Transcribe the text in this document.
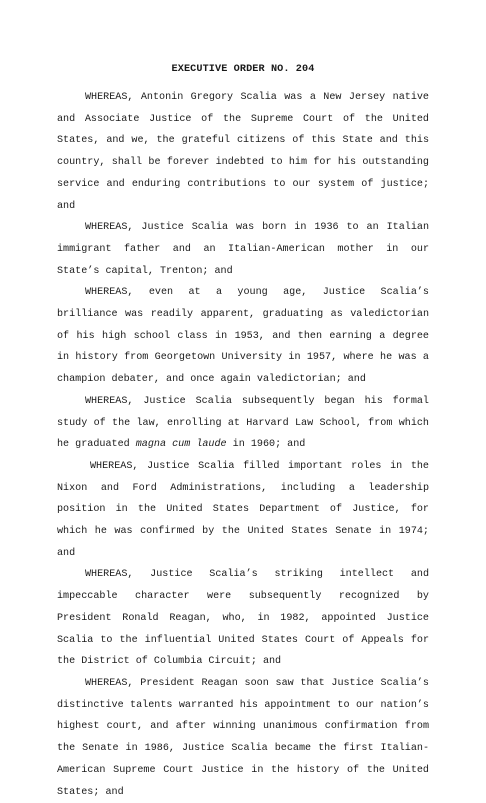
EXECUTIVE ORDER NO. 204

WHEREAS, Antonin Gregory Scalia was a New Jersey native and Associate Justice of the Supreme Court of the United States, and we, the grateful citizens of this State and this country, shall be forever indebted to him for his outstanding service and enduring contributions to our system of justice; and

WHEREAS, Justice Scalia was born in 1936 to an Italian immigrant father and an Italian-American mother in our State’s capital, Trenton; and

WHEREAS, even at a young age, Justice Scalia’s brilliance was readily apparent, graduating as valedictorian of his high school class in 1953, and then earning a degree in history from Georgetown University in 1957, where he was a champion debater, and once again valedictorian; and

WHEREAS, Justice Scalia subsequently began his formal study of the law, enrolling at Harvard Law School, from which he graduated magna cum laude in 1960; and

WHEREAS, Justice Scalia filled important roles in the Nixon and Ford Administrations, including a leadership position in the United States Department of Justice, for which he was confirmed by the United States Senate in 1974; and

WHEREAS, Justice Scalia’s striking intellect and impeccable character were subsequently recognized by President Ronald Reagan, who, in 1982, appointed Justice Scalia to the influential United States Court of Appeals for the District of Columbia Circuit; and

WHEREAS, President Reagan soon saw that Justice Scalia’s distinctive talents warranted his appointment to our nation’s highest court, and after winning unanimous confirmation from the Senate in 1986, Justice Scalia became the first Italian-American Supreme Court Justice in the history of the United States; and
